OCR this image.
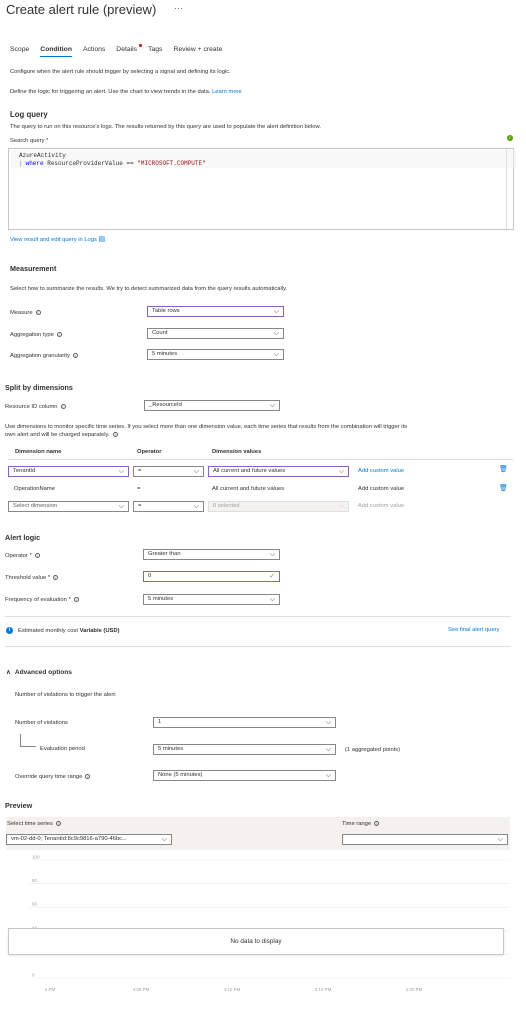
Create alert rule (preview) ···
Scope Condition Actions Details Tags Review + create
Configure when the alert rule should trigger by selecting a signal and defining its logic.
Define the logic for triggering an alert. Use the chart to view trends in the data. Learn more
Log query
The query to run on this resource's logs. The results returned by this query are used to populate the alert definition below.
Search query *
✓
AzureActivity
| where ResourceProviderValue == "MICROSOFT.COMPUTE"
View result and edit query in Logs ▤
Measurement
Select how to summarize the results. We try to detect summarized data from the query results automatically.
Measure i	Table rows	⌵
Aggregation type i	Count	⌵
Aggregation granularity i	5 minutes	⌵
Split by dimensions
Resource ID column i	_ResourceId	⌵
Use dimensions to monitor specific time series. If you select more than one dimension value, each time series that results from the combination will trigger its
own alert and will be charged separately. i
Dimension name	Operator	Dimension values
TenantId	⌵	=	⌵	All current and future values	⌵ Add custom value	🗑
OperationName	=	All current and future values	Add custom value	🗑
Select dimension	⌵	=	⌵	0 selected	⌵ Add custom value
Alert logic
Operator * i	Greater than	⌵
Threshold value * i	0	✓
Frequency of evaluation * i	5 minutes	⌵
i	Estimated monthly cost Variable (USD)	See final alert query
∧ Advanced options
Number of violations to trigger the alert:
Number of violations	1	⌵
Evaluation period	5 minutes	⌵ (1 aggregated points)
Override query time range i	None (5 minutes)	⌵
Preview
Select time series i
vm-02-dd-0; TenantId:8c9c9816-a790-46bc...	⌵
Time range i
⌵
100
80
60
0
4 PM	4:05 PM	4:10 PM	4:15 PM	4:20 PM
No data to display
